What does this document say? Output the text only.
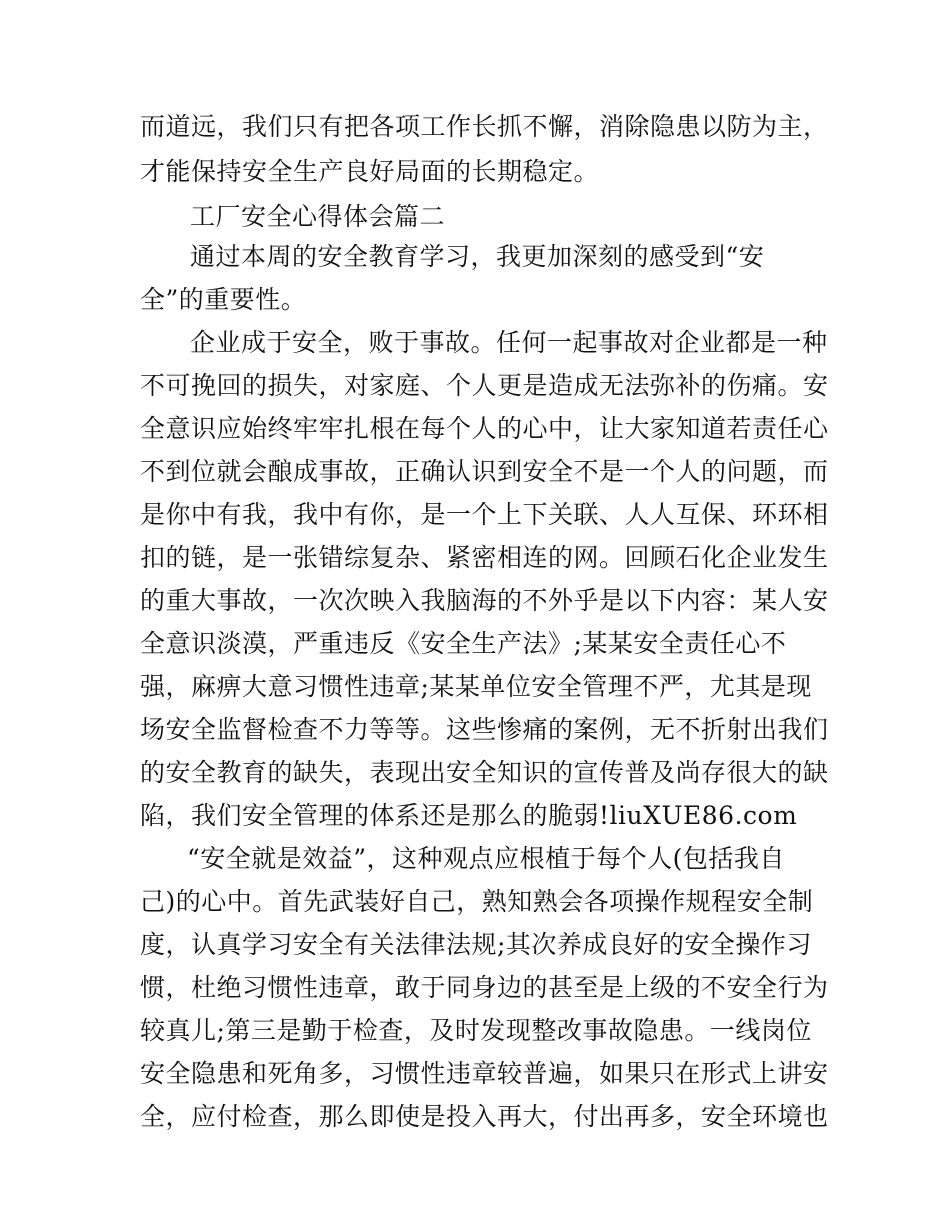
而道远，我们只有把各项工作长抓不懈，消除隐患以防为主，
才能保持安全生产良好局面的长期稳定。
工厂安全心得体会篇二
通过本周的安全教育学习，我更加深刻的感受到“安
全”的重要性。
企业成于安全，败于事故。任何一起事故对企业都是一种
不可挽回的损失，对家庭、个人更是造成无法弥补的伤痛。安
全意识应始终牢牢扎根在每个人的心中，让大家知道若责任心
不到位就会酿成事故，正确认识到安全不是一个人的问题，而
是你中有我，我中有你，是一个上下关联、人人互保、环环相
扣的链，是一张错综复杂、紧密相连的网。回顾石化企业发生
的重大事故，一次次映入我脑海的不外乎是以下内容：某人安
全意识淡漠，严重违反《安全生产法》;某某安全责任心不
强，麻痹大意习惯性违章;某某单位安全管理不严，尤其是现
场安全监督检查不力等等。这些惨痛的案例，无不折射出我们
的安全教育的缺失，表现出安全知识的宣传普及尚存很大的缺
陷，我们安全管理的体系还是那么的脆弱!liuXUE86.com
“安全就是效益”，这种观点应根植于每个人(包括我自
己)的心中。首先武装好自己，熟知熟会各项操作规程安全制
度，认真学习安全有关法律法规;其次养成良好的安全操作习
惯，杜绝习惯性违章，敢于同身边的甚至是上级的不安全行为
较真儿;第三是勤于检查，及时发现整改事故隐患。一线岗位
安全隐患和死角多，习惯性违章较普遍，如果只在形式上讲安
全，应付检查，那么即使是投入再大，付出再多，安全环境也
